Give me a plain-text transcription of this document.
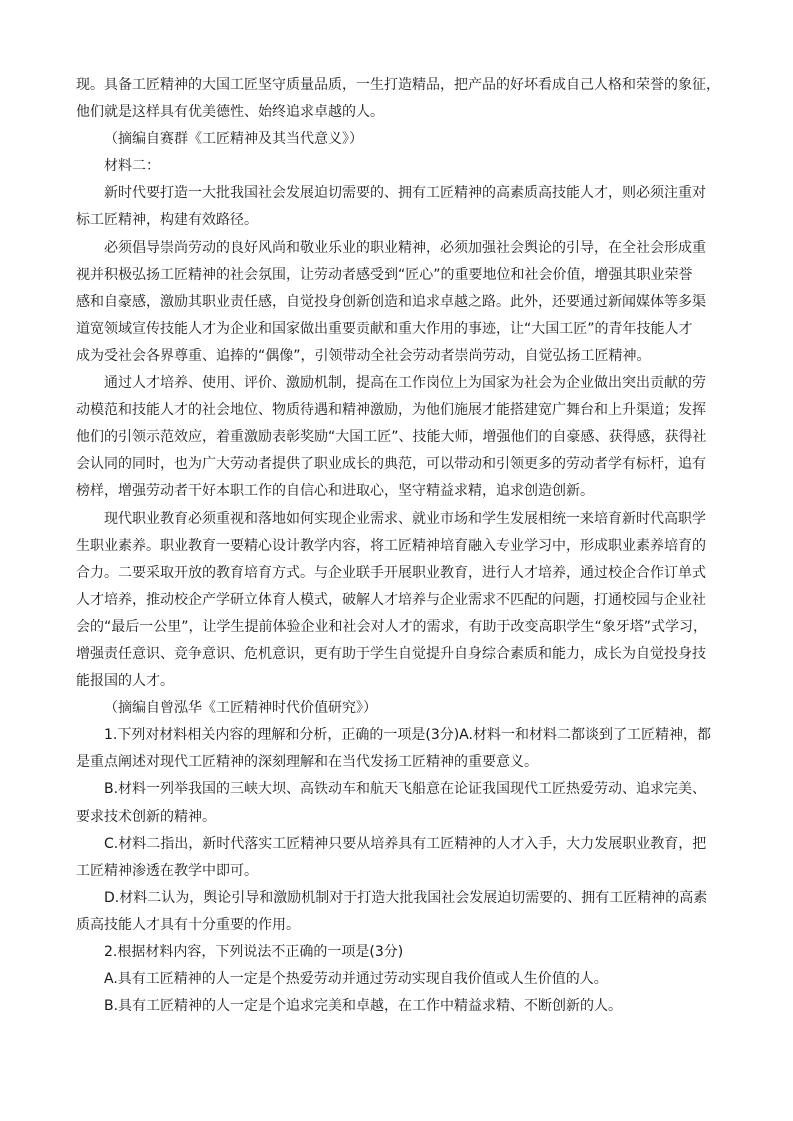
现。具备工匠精神的大国工匠坚守质量品质，一生打造精品，把产品的好坏看成自己人格和荣誉的象征，
他们就是这样具有优美德性、始终追求卓越的人。
（摘编自赛群《工匠精神及其当代意义》）
材料二：
新时代要打造一大批我国社会发展迫切需要的、拥有工匠精神的高素质高技能人才，则必须注重对
标工匠精神，构建有效路径。
必须倡导崇尚劳动的良好风尚和敬业乐业的职业精神，必须加强社会舆论的引导，在全社会形成重
视并积极弘扬工匠精神的社会氛围，让劳动者感受到“匠心”的重要地位和社会价值，增强其职业荣誉
感和自豪感，激励其职业责任感，自觉投身创新创造和追求卓越之路。此外，还要通过新闻媒体等多渠
道宽领域宣传技能人才为企业和国家做出重要贡献和重大作用的事迹，让“大国工匠”的青年技能人才
成为受社会各界尊重、追捧的“偶像”，引领带动全社会劳动者崇尚劳动，自觉弘扬工匠精神。
通过人才培养、使用、评价、激励机制，提高在工作岗位上为国家为社会为企业做出突出贡献的劳
动模范和技能人才的社会地位、物质待遇和精神激励，为他们施展才能搭建宽广舞台和上升渠道；发挥
他们的引领示范效应，着重激励表彰奖励“大国工匠”、技能大师，增强他们的自豪感、获得感，获得社
会认同的同时，也为广大劳动者提供了职业成长的典范，可以带动和引领更多的劳动者学有标杆，追有
榜样，增强劳动者干好本职工作的自信心和进取心，坚守精益求精，追求创造创新。
现代职业教育必须重视和落地如何实现企业需求、就业市场和学生发展相统一来培育新时代高职学
生职业素养。职业教育一要精心设计教学内容，将工匠精神培育融入专业学习中，形成职业素养培育的
合力。二要采取开放的教育培育方式。与企业联手开展职业教育，进行人才培养，通过校企合作订单式
人才培养，推动校企产学研立体育人模式，破解人才培养与企业需求不匹配的问题，打通校园与企业社
会的“最后一公里”，让学生提前体验企业和社会对人才的需求，有助于改变高职学生“象牙塔”式学习，
增强责任意识、竞争意识、危机意识，更有助于学生自觉提升自身综合素质和能力，成长为自觉投身技
能报国的人才。
（摘编自曾泓华《工匠精神时代价值研究》）
1.下列对材料相关内容的理解和分析，正确的一项是(3分)A.材料一和材料二都谈到了工匠精神，都
是重点阐述对现代工匠精神的深刻理解和在当代发扬工匠精神的重要意义。
B.材料一列举我国的三峡大坝、高铁动车和航天飞船意在论证我国现代工匠热爱劳动、追求完美、
要求技术创新的精神。
C.材料二指出，新时代落实工匠精神只要从培养具有工匠精神的人才入手，大力发展职业教育，把
工匠精神渗透在教学中即可。
D.材料二认为，舆论引导和激励机制对于打造大批我国社会发展迫切需要的、拥有工匠精神的高素
质高技能人才具有十分重要的作用。
2.根据材料内容，下列说法不正确的一项是(3分)
A.具有工匠精神的人一定是个热爱劳动并通过劳动实现自我价值或人生价值的人。
B.具有工匠精神的人一定是个追求完美和卓越，在工作中精益求精、不断创新的人。
